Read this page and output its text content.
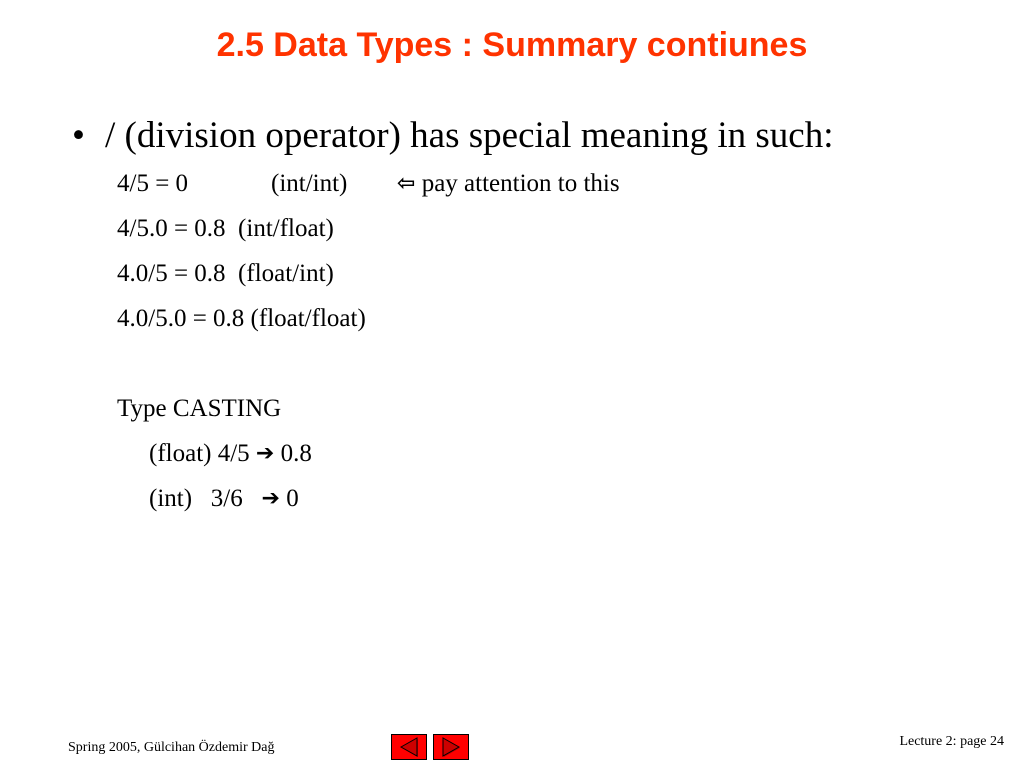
2.5 Data Types : Summary contiunes
• / (division operator) has special meaning in such:
4/5 = 0	(int/int) ⇦ pay attention to this
4/5.0 = 0.8 (int/float)
4.0/5 = 0.8 (float/int)
4.0/5.0 = 0.8 (float/float)
Type CASTING
(float) 4/5 ➔ 0.8
(int)   3/6 ➔ 0
Spring 2005, Gülcihan Özdemir Dağ	Lecture 2: page 24
